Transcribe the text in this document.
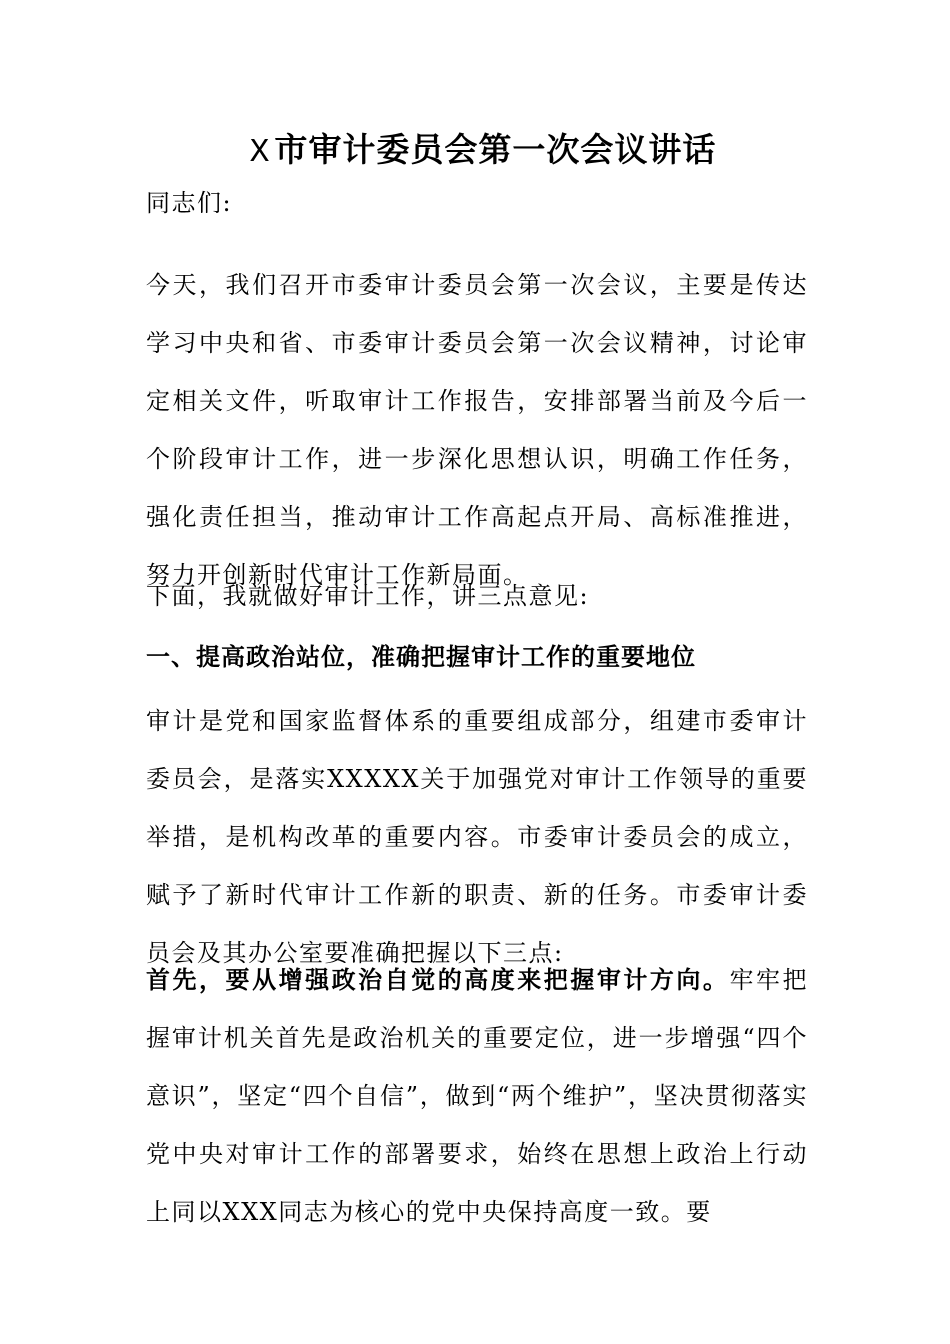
X 市审计委员会第一次会议讲话

同志们:

今天，我们召开市委审计委员会第一次会议，主要是传达学习中央和省、市委审计委员会第一次会议精神，讨论审定相关文件，听取审计工作报告，安排部署当前及今后一个阶段审计工作，进一步深化思想认识，明确工作任务，强化责任担当，推动审计工作高起点开局、高标准推进，努力开创新时代审计工作新局面。

下面，我就做好审计工作，讲三点意见:

一、提高政治站位，准确把握审计工作的重要地位

审计是党和国家监督体系的重要组成部分，组建市委审计委员会，是落实XXXXX关于加强党对审计工作领导的重要举措，是机构改革的重要内容。市委审计委员会的成立，赋予了新时代审计工作新的职责、新的任务。市委审计委员会及其办公室要准确把握以下三点:

首先，要从增强政治自觉的高度来把握审计方向。牢牢把握审计机关首先是政治机关的重要定位，进一步增强“四个意识”，坚定“四个自信”，做到“两个维护”，坚决贯彻落实党中央对审计工作的部署要求，始终在思想上政治上行动上同以XXX同志为核心的党中央保持高度一致。要
